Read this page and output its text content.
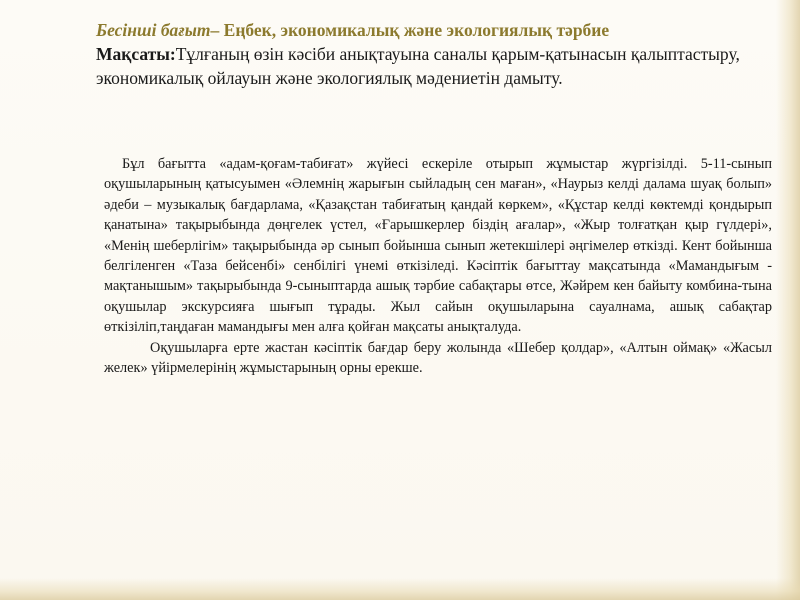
Бесінші бағыт– Еңбек, экономикалық және экологиялық тәрбие
Мақсаты:Тұлғаның өзін кәсіби анықтауына саналы қарым-қатынасын қалыптастыру, экономикалық ойлауын және экологиялық мәдениетін дамыту.

Бұл бағытта «адам-қоғам-табиғат» жүйесі ескеріле отырып жұмыстар жүргізілді. 5-11-сынып оқушыларының қатысуымен «Әлемнің жарығын сыйладың сен маған», «Наурыз келді далама шуақ болып» әдеби – музыкалық бағдарлама, «Қазақстан табиғатың қандай көркем», «Құстар келді көктемді қондырып қанатына» тақырыбында дөңгелек үстел, «Ғарышкерлер біздің ағалар», «Жыр толғатқан қыр гүлдері», «Менің шеберлігім» тақырыбында әр сынып бойынша сынып жетекшілері әңгімелер өткізді. Кент бойынша белгіленген «Таза бейсенбі» сенбілігі үнемі өткізіледі. Кәсіптік бағыттау мақсатында «Мамандығым - мақтанышым» тақырыбында 9-сыныптарда ашық тәрбие сабақтары өтсе, Жәйрем кен байыту комбина-тына оқушылар экскурсияға шығып тұрады. Жыл сайын оқушыларына сауалнама, ашық сабақтар өткізіліп,таңдаған мамандығы мен алға қойған мақсаты анықталуда.

Оқушыларға ерте жастан кәсіптік бағдар беру жолында «Шебер қолдар», «Алтын оймақ» «Жасыл желек» үйірмелерінің жұмыстарының орны ерекше.
